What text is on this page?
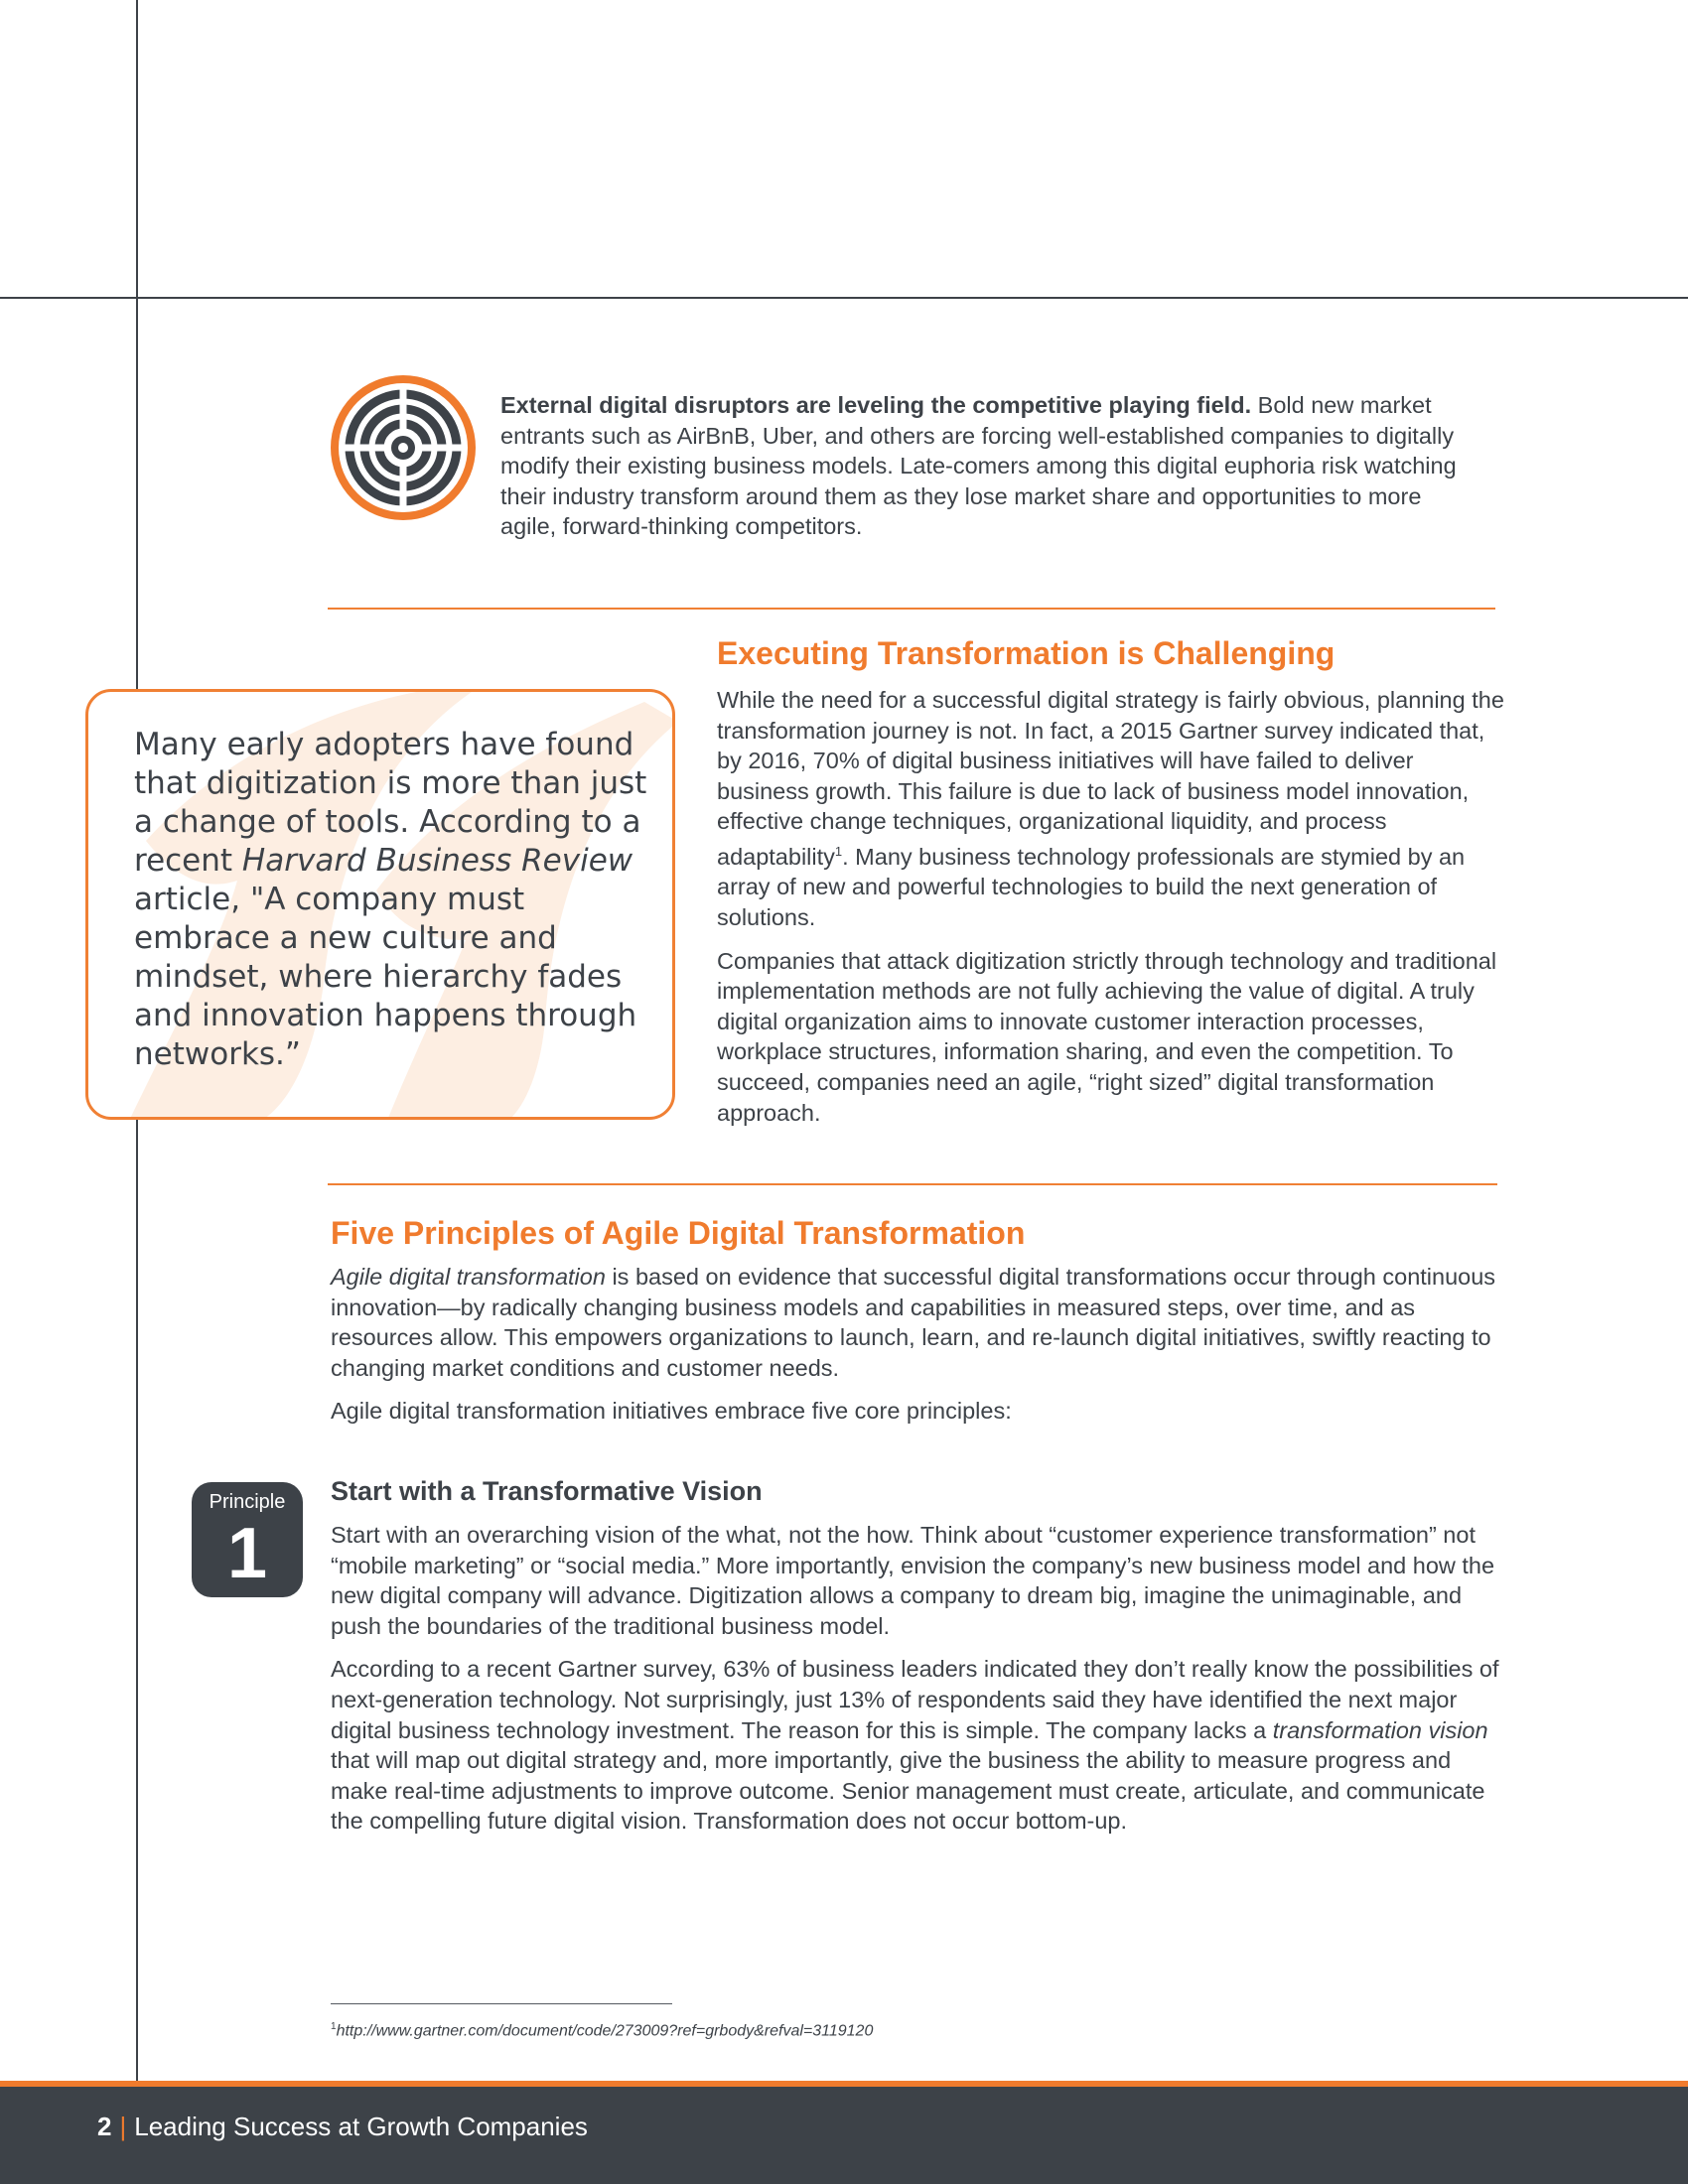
External digital disruptors are leveling the competitive playing field. Bold new market entrants such as AirBnB, Uber, and others are forcing well-established companies to digitally modify their existing business models. Late-comers among this digital euphoria risk watching their industry transform around them as they lose market share and opportunities to more agile, forward-thinking competitors.
Many early adopters have found that digitization is more than just a change of tools. According to a recent Harvard Business Review article, "A company must embrace a new culture and mindset, where hierarchy fades and innovation happens through networks.”
Executing Transformation is Challenging

While the need for a successful digital strategy is fairly obvious, planning the transformation journey is not. In fact, a 2015 Gartner survey indicated that, by 2016, 70% of digital business initiatives will have failed to deliver business growth. This failure is due to lack of business model innovation, effective change techniques, organizational liquidity, and process adaptability$^1$. Many business technology professionals are stymied by an array of new and powerful technologies to build the next generation of solutions.

Companies that attack digitization strictly through technology and traditional implementation methods are not fully achieving the value of digital. A truly digital organization aims to innovate customer interaction processes, workplace structures, information sharing, and even the competition. To succeed, companies need an agile, “right sized” digital transformation approach.

Five Principles of Agile Digital Transformation

Agile digital transformation is based on evidence that successful digital transformations occur through continuous innovation—by radically changing business models and capabilities in measured steps, over time, and as resources allow. This empowers organizations to launch, learn, and re-launch digital initiatives, swiftly reacting to changing market conditions and customer needs.

Agile digital transformation initiatives embrace five core principles:

Principle
1
Start with a Transformative Vision

Start with an overarching vision of the what, not the how. Think about “customer experience transformation” not “mobile marketing” or “social media.” More importantly, envision the company’s new business model and how the new digital company will advance. Digitization allows a company to dream big, imagine the unimaginable, and push the boundaries of the traditional business model.

According to a recent Gartner survey, 63% of business leaders indicated they don’t really know the possibilities of next-generation technology. Not surprisingly, just 13% of respondents said they have identified the next major digital business technology investment. The reason for this is simple. The company lacks a transformation vision that will map out digital strategy and, more importantly, give the business the ability to measure progress and make real-time adjustments to improve outcome. Senior management must create, articulate, and communicate the compelling future digital vision. Transformation does not occur bottom-up.

$^1$http://www.gartner.com/document/code/273009?ref=grbody&refval=3119120
2 | Leading Success at Growth Companies
